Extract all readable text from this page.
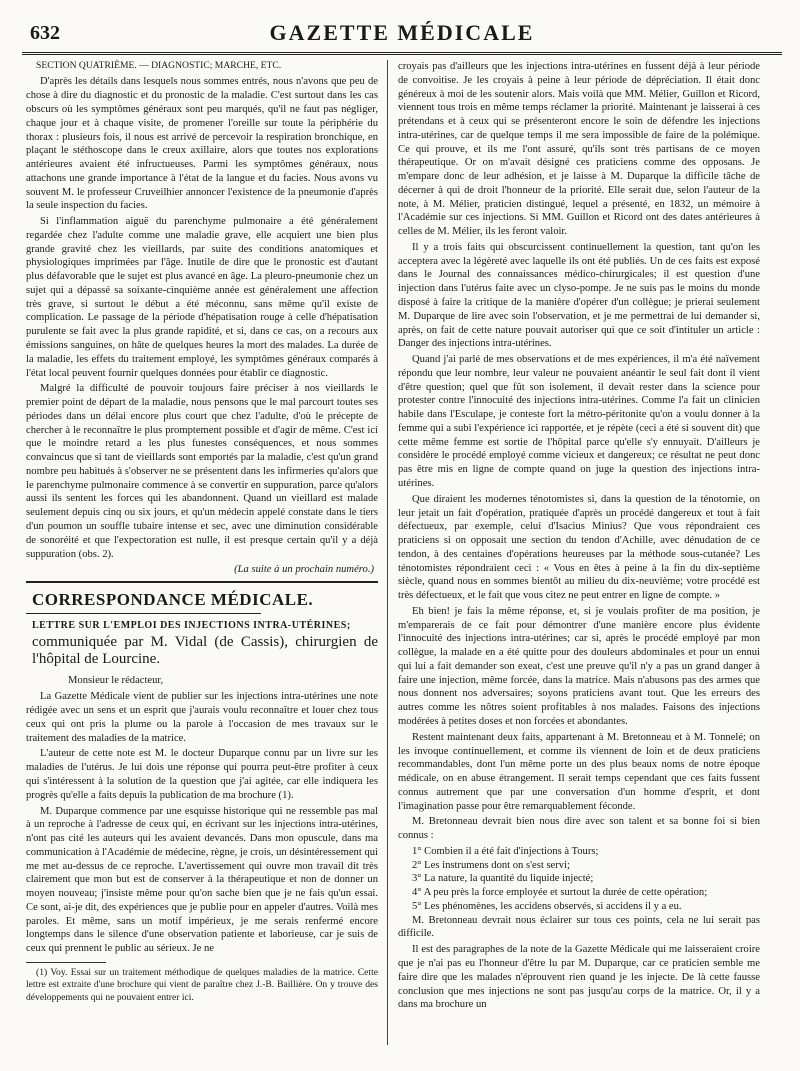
632	GAZETTE MÉDICALE

SECTION QUATRIÈME. — DIAGNOSTIC; MARCHE, ETC.

D'après les détails dans lesquels nous sommes entrés, nous n'avons que peu de chose à dire du diagnostic et du pronostic de la maladie. C'est surtout dans les cas obscurs où les symptômes généraux sont peu marqués, qu'il ne faut pas négliger, chaque jour et à chaque visite, de promener l'oreille sur toute la périphérie du thorax : plusieurs fois, il nous est arrivé de percevoir la respiration bronchique, en plaçant le stéthoscope dans le creux axillaire, alors que toutes nos explorations antérieures avaient été infructueuses. Parmi les symptômes généraux, nous attachons une grande importance à l'état de la langue et du facies. Nous avons vu souvent M. le professeur Cruveilhier annoncer l'existence de la pneumonie d'après la seule inspection du facies.

Si l'inflammation aiguë du parenchyme pulmonaire a été généralement regardée chez l'adulte comme une maladie grave, elle acquiert une bien plus grande gravité chez les vieillards, par suite des conditions anatomiques et physiologiques imprimées par l'âge. Inutile de dire que le pronostic est d'autant plus défavorable que le sujet est plus avancé en âge. La pleuro-pneumonie chez un sujet qui a dépassé sa soixante-cinquième année est généralement une affection très grave, si surtout le début a été méconnu, sans même qu'il existe de complication. Le passage de la période d'hépatisation rouge à celle d'hépatisation purulente se fait avec la plus grande rapidité, et si, dans ce cas, on a recours aux émissions sanguines, on hâte de quelques heures la mort des malades. La durée de la maladie, les effets du traitement employé, les symptômes généraux comparés à l'état local peuvent fournir quelques données pour établir ce diagnostic.

Malgré la difficulté de pouvoir toujours faire préciser à nos vieillards le premier point de départ de la maladie, nous pensons que le mal parcourt toutes ses périodes dans un délai encore plus court que chez l'adulte, d'où le précepte de chercher à le reconnaître le plus promptement possible et d'agir de même. C'est ici que le moindre retard a les plus funestes conséquences, et nous sommes convaincus que si tant de vieillards sont emportés par la maladie, c'est qu'un grand nombre peu habitués à s'observer ne se présentent dans les infirmeries qu'alors que le parenchyme pulmonaire commence à se convertir en suppuration, parce qu'alors aussi ils sentent les forces qui les abandonnent. Quand un vieillard est malade seulement depuis cinq ou six jours, et qu'un médecin appelé constate dans le tiers d'un poumon un souffle tubaire intense et sec, avec une diminution considérable de sonoréité et que l'expectoration est nulle, il est presque certain qu'il y a déjà suppuration (obs. 2).

(La suite à un prochain numéro.)

CORRESPONDANCE MÉDICALE.
LETTRE SUR L'EMPLOI DES INJECTIONS INTRA-UTÉRINES;

communiquée par M. Vidal (de Cassis), chirurgien de l'hôpital de Lourcine.

Monsieur le rédacteur,

La Gazette Médicale vient de publier sur les injections intra-utérines une note rédigée avec un sens et un esprit que j'aurais voulu reconnaître et louer chez tous ceux qui ont pris la plume ou la parole à l'occasion de mes travaux sur le traitement des maladies de la matrice.

L'auteur de cette note est M. le docteur Duparque connu par un livre sur les maladies de l'utérus. Je lui dois une réponse qui pourra peut-être profiter à ceux qui s'intéressent à la solution de la question que j'ai agitée, car elle indiquera les progrès qu'elle a faits depuis la publication de ma brochure (1).

M. Duparque commence par une esquisse historique qui ne ressemble pas mal à un reproche à l'adresse de ceux qui, en écrivant sur les injections intra-utérines, n'ont pas cité les auteurs qui les avaient devancés. Dans mon opuscule, dans ma communication à l'Académie de médecine, règne, je crois, un désintéressement qui me met au-dessus de ce reproche. L'avertissement qui ouvre mon travail dit très clairement que mon but est de conserver à la thérapeutique et non de donner un moyen nouveau; j'insiste même pour qu'on sache bien que je ne fais qu'un essai. Ce sont, ai-je dit, des expériences que je publie pour en appeler d'autres. Voilà mes paroles. Et même, sans un motif impérieux, je me serais renfermé encore longtemps dans le silence d'une observation patiente et laborieuse, car je suis de ceux qui prennent le public au sérieux. Je ne

(1) Voy. Essai sur un traitement méthodique de quelques maladies de la matrice. Cette lettre est extraite d'une brochure qui vient de paraître chez J.-B. Baillière. On y trouve des développements qui ne pouvaient entrer ici.

croyais pas d'ailleurs que les injections intra-utérines en fussent déjà à leur période de convoitise. Je les croyais à peine à leur période de dépréciation. Il était donc généreux à moi de les soutenir alors. Mais voilà que MM. Mélier, Guillon et Ricord, viennent tous trois en même temps réclamer la priorité. Maintenant je laisserai à ces prétendans et à ceux qui se présenteront encore le soin de défendre les injections intra-utérines, car de quelque temps il me sera impossible de faire de la polémique. Ce qui prouve, et ils me l'ont assuré, qu'ils sont très partisans de ce moyen thérapeutique. Or on m'avait désigné ces praticiens comme des opposans. Je m'empare donc de leur adhésion, et je laisse à M. Duparque la difficile tâche de décerner à qui de droit l'honneur de la priorité. Elle serait due, selon l'auteur de la note, à M. Mélier, praticien distingué, lequel a présenté, en 1832, un mémoire à l'Académie sur ces injections. Si MM. Guillon et Ricord ont des dates antérieures à celles de M. Mélier, ils les feront valoir.

Il y a trois faits qui obscurcissent continuellement la question, tant qu'on les acceptera avec la légèreté avec laquelle ils ont été publiés. Un de ces faits est exposé dans le Journal des connaissances médico-chirurgicales; il est question d'une injection dans l'utérus faite avec un clyso-pompe. Je ne suis pas le moins du monde disposé à faire la critique de la manière d'opérer d'un collègue; je prierai seulement M. Duparque de lire avec soin l'observation, et je me permettrai de lui demander si, après, on fait de cette nature pouvait autoriser qui que ce soit d'intituler un article : Danger des injections intra-utérines.

Quand j'ai parlé de mes observations et de mes expériences, il m'a été naïvement répondu que leur nombre, leur valeur ne pouvaient anéantir le seul fait dont il vient d'être question; quel que fût son isolement, il devait rester dans la science pour protester contre l'innocuité des injections intra-utérines. Comme l'a fait un clinicien habile dans l'Esculape, je conteste fort la métro-péritonite qu'on a voulu donner à la femme qui a subi l'expérience ici rapportée, et je répète (ceci a été si souvent dit) que cette même femme est sortie de l'hôpital parce qu'elle s'y ennuyait. D'ailleurs je considère le procédé employé comme vicieux et dangereux; ce résultat ne peut donc pas être mis en ligne de compte quand on juge la question des injections intra-utérines.

Que diraient les modernes ténotomistes si, dans la question de la ténotomie, on leur jetait un fait d'opération, pratiquée d'après un procédé dangereux et tout à fait défectueux, par exemple, celui d'Isacius Minius? Que vous répondraient ces praticiens si on opposait une section du tendon d'Achille, avec dénudation de ce tendon, à des centaines d'opérations heureuses par la méthode sous-cutanée? Les ténotomistes répondraient ceci : « Vous en êtes à peine à la fin du dix-septième siècle, quand nous en sommes bientôt au milieu du dix-neuvième; votre procédé est très défectueux, et le fait que vous citez ne peut entrer en ligne de compte. »

Eh bien! je fais la même réponse, et, si je voulais profiter de ma position, je m'emparerais de ce fait pour démontrer d'une manière encore plus évidente l'innocuité des injections intra-utérines; car si, après le procédé employé par mon collègue, la malade en a été quitte pour des douleurs abdominales et pour un ennui qui lui a fait demander son exeat, c'est une preuve qu'il n'y a pas un grand danger à faire une injection, même forcée, dans la matrice. Mais n'abusons pas des armes que nous donnent nos adversaires; soyons praticiens avant tout. Que les erreurs des autres comme les nôtres soient profitables à nos malades. Faisons des injections modérées à petites doses et non forcées et abondantes.

Restent maintenant deux faits, appartenant à M. Bretonneau et à M. Tonnelé; on les invoque continuellement, et comme ils viennent de loin et de deux praticiens recommandables, dont l'un même porte un des plus beaux noms de notre époque médicale, on en abuse étrangement. Il serait temps cependant que ces faits fussent connus autrement que par une conversation d'un homme d'esprit, et dont l'imagination passe pour être remarquablement féconde.

M. Bretonneau devrait bien nous dire avec son talent et sa bonne foi si bien connus :

1° Combien il a été fait d'injections à Tours;

2° Les instrumens dont on s'est servi;

3° La nature, la quantité du liquide injecté;

4° A peu près la force employée et surtout la durée de cette opération;

5° Les phénomènes, les accidens observés, si accidens il y a eu.

M. Bretonneau devrait nous éclairer sur tous ces points, cela ne lui serait pas difficile.

Il est des paragraphes de la note de la Gazette Médicale qui me laisseraient croire que je n'ai pas eu l'honneur d'être lu par M. Duparque, car ce praticien semble me faire dire que les malades n'éprouvent rien quand je les injecte. De là cette fausse conclusion que mes injections ne sont pas jusqu'au corps de la matrice. Or, il y a dans ma brochure un
